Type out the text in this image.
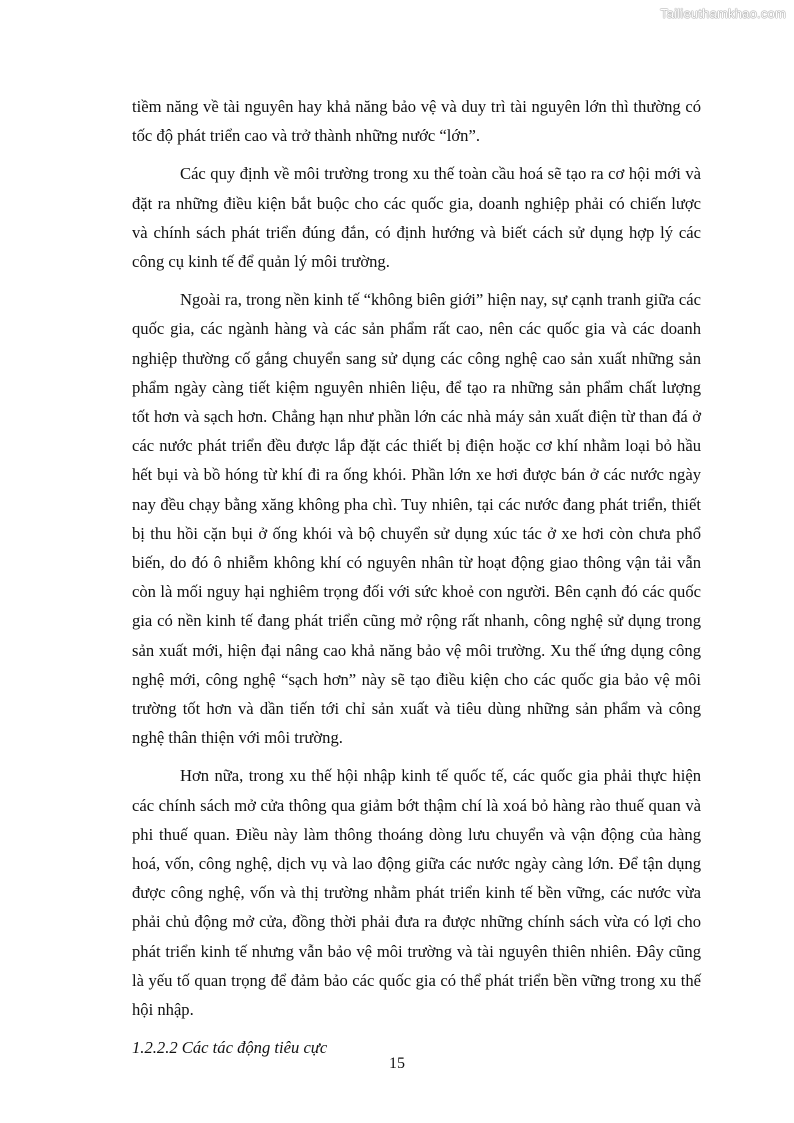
Tailieuthamkhao.com

tiềm năng về tài nguyên hay khả năng bảo vệ và duy trì tài nguyên lớn thì thường có tốc độ phát triển cao và trở thành những nước “lớn”.

Các quy định về môi trường trong xu thế toàn cầu hoá sẽ tạo ra cơ hội mới và đặt ra những điều kiện bắt buộc cho các quốc gia, doanh nghiệp phải có chiến lược và chính sách phát triển đúng đắn, có định hướng và biết cách sử dụng hợp lý các công cụ kinh tế để quản lý môi trường.

Ngoài ra, trong nền kinh tế “không biên giới” hiện nay, sự cạnh tranh giữa các quốc gia, các ngành hàng và các sản phẩm rất cao, nên các quốc gia và các doanh nghiệp thường cố gắng chuyển sang sử dụng các công nghệ cao sản xuất những sản phẩm ngày càng tiết kiệm nguyên nhiên liệu, để tạo ra những sản phẩm chất lượng tốt hơn và sạch hơn. Chẳng hạn như phần lớn các nhà máy sản xuất điện từ than đá ở các nước phát triển đều được lắp đặt các thiết bị điện hoặc cơ khí nhằm loại bỏ hầu hết bụi và bồ hóng từ khí đi ra ống khói. Phần lớn xe hơi được bán ở các nước ngày nay đều chạy bằng xăng không pha chì. Tuy nhiên, tại các nước đang phát triển, thiết bị thu hồi cặn bụi ở ống khói và bộ chuyển sử dụng xúc tác ở xe hơi còn chưa phổ biến, do đó ô nhiễm không khí có nguyên nhân từ hoạt động giao thông vận tải vẫn còn là mối nguy hại nghiêm trọng đối với sức khoẻ con người. Bên cạnh đó các quốc gia có nền kinh tế đang phát triển cũng mở rộng rất nhanh, công nghệ sử dụng trong sản xuất mới, hiện đại nâng cao khả năng bảo vệ môi trường. Xu thế ứng dụng công nghệ mới, công nghệ “sạch hơn” này sẽ tạo điều kiện cho các quốc gia bảo vệ môi trường tốt hơn và dần tiến tới chỉ sản xuất và tiêu dùng những sản phẩm và công nghệ thân thiện với môi trường.

Hơn nữa, trong xu thế hội nhập kinh tế quốc tế, các quốc gia phải thực hiện các chính sách mở cửa thông qua giảm bớt thậm chí là xoá bỏ hàng rào thuế quan và phi thuế quan. Điều này làm thông thoáng dòng lưu chuyển và vận động của hàng hoá, vốn, công nghệ, dịch vụ và lao động giữa các nước ngày càng lớn. Để tận dụng được công nghệ, vốn và thị trường nhằm phát triển kinh tế bền vững, các nước vừa phải chủ động mở cửa, đồng thời phải đưa ra được những chính sách vừa có lợi cho phát triển kinh tế nhưng vẫn bảo vệ môi trường và tài nguyên thiên nhiên. Đây cũng là yếu tố quan trọng để đảm bảo các quốc gia có thể phát triển bền vững trong xu thế hội nhập.

1.2.2.2 Các tác động tiêu cực

15
